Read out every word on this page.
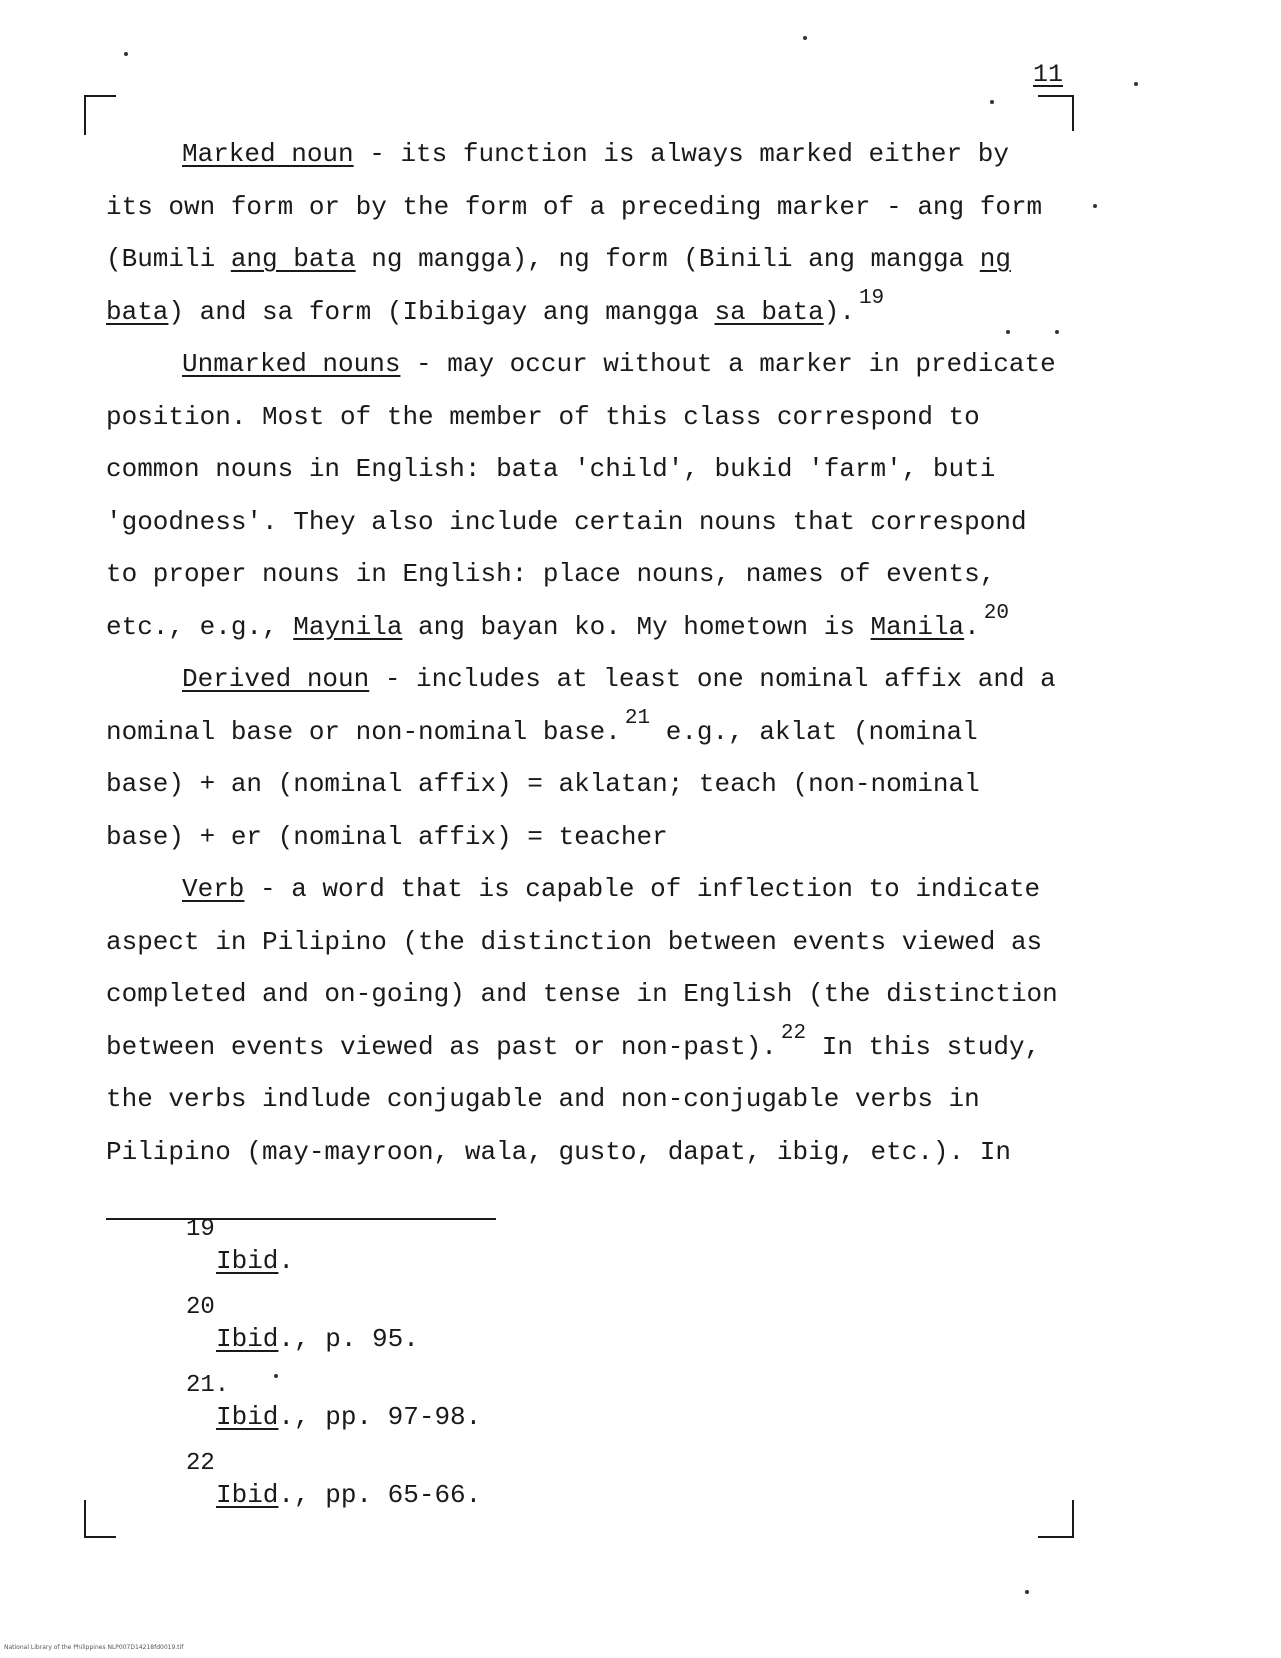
11

Marked noun - its function is always marked either by its own form or by the form of a preceding marker - ang form (Bumili ang bata ng mangga), ng form (Binili ang mangga ng bata) and sa form (Ibibigay ang mangga sa bata). $^{19}$

Unmarked nouns - may occur without a marker in predicate position. Most of the member of this class correspond to common nouns in English: bata 'child', bukid 'farm', buti 'goodness'. They also include certain nouns that correspond to proper nouns in English: place nouns, names of events, etc., e.g., Maynila ang bayan ko. My hometown is Manila. $^{20}$

Derived noun - includes at least one nominal affix and a nominal base or non-nominal base. $^{21}$ e.g., aklat (nominal base) + an (nominal affix) = aklatan; teach (non-nominal base) + er (nominal affix) = teacher

Verb - a word that is capable of inflection to indicate aspect in Pilipino (the distinction between events viewed as completed and on-going) and tense in English (the distinction between events viewed as past or non-past). $^{22}$ In this study, the verbs indlude conjugable and non-conjugable verbs in Pilipino (may-mayroon, wala, gusto, dapat, ibig, etc.). In

19
Ibid.
20
Ibid., p. 95.
21.
Ibid., pp. 97-98.
22
Ibid., pp. 65-66.
National Library of the Philippines NLP007D14218fd0019.tif
